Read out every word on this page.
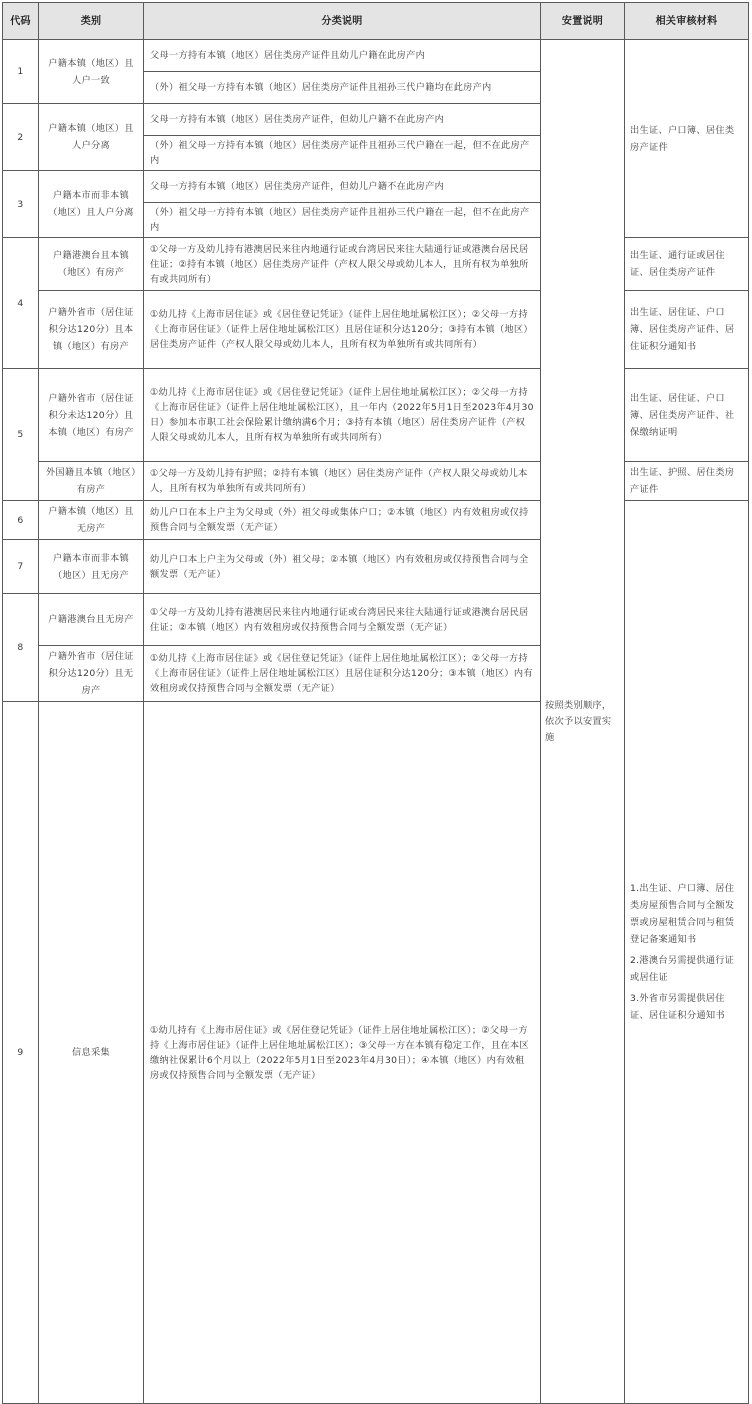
代码	类别	分类说明	安置说明	相关审核材料	
1	户籍本镇（地区）且人户一致	父母一方持有本镇（地区）居住类房产证件且幼儿户籍在此房产内	按照类别顺序，依次予以安置实施	出生证、户口簿、居住类房产证件	
		（外）祖父母一方持有本镇（地区）居住类房产证件且祖孙三代户籍均在此房产内			
2	户籍本镇（地区）且人户分离	父母一方持有本镇（地区）居住类房产证件，但幼儿户籍不在此房产内			
		（外）祖父母一方持有本镇（地区）居住类房产证件且祖孙三代户籍在一起，但不在此房产内			
3	户籍本市而非本镇（地区）且人户分离	父母一方持有本镇（地区）居住类房产证件，但幼儿户籍不在此房产内			
		（外）祖父母一方持有本镇（地区）居住类房产证件且祖孙三代户籍在一起，但不在此房产内			
4	户籍港澳台且本镇（地区）有房产	①父母一方及幼儿持有港澳居民来往内地通行证或台湾居民来往大陆通行证或港澳台居民居住证；②持有本镇（地区）居住类房产证件（产权人限父母或幼儿本人，且所有权为单独所有或共同所有）		出生证、通行证或居住证、居住类房产证件	
	户籍外省市（居住证积分达120分）且本镇（地区）有房产	①幼儿持《上海市居住证》或《居住登记凭证》（证件上居住地址属松江区）；②父母一方持《上海市居住证》（证件上居住地址属松江区）且居住证积分达120分；③持有本镇（地区）居住类房产证件（产权人限父母或幼儿本人，且所有权为单独所有或共同所有）		出生证、居住证、户口簿、居住类房产证件、居住证积分通知书	
5	户籍外省市（居住证积分未达120分）且本镇（地区）有房产	①幼儿持《上海市居住证》或《居住登记凭证》（证件上居住地址属松江区）；②父母一方持《上海市居住证》（证件上居住地址属松江区），且一年内（2022年5月1日至2023年4月30日）参加本市职工社会保险累计缴纳满6个月；③持有本镇（地区）居住类房产证件（产权人限父母或幼儿本人，且所有权为单独所有或共同所有）		出生证、居住证、户口簿、居住类房产证件、社保缴纳证明	
	外国籍且本镇（地区）有房产	①父母一方及幼儿持有护照；②持有本镇（地区）居住类房产证件（产权人限父母或幼儿本人，且所有权为单独所有或共同所有）		出生证、护照、居住类房产证件	
6	户籍本镇（地区）且无房产	幼儿户口在本上户主为父母或（外）祖父母或集体户口；②本镇（地区）内有效租房或仅持预售合同与全额发票（无产证）		1.出生证、户口簿、居住类房屋预售合同与全额发票或房屋租赁合同与租赁登记备案通知书
2.港澳台另需提供通行证或居住证
3.外省市另需提供居住证、居住证积分通知书	

7	户籍本市而非本镇（地区）且无房产	幼儿户口本上户主为父母或（外）祖父母；②本镇（地区）内有效租房或仅持预售合同与全额发票（无产证）			
8	户籍港澳台且无房产	①父母一方及幼儿持有港澳居民来往内地通行证或台湾居民来往大陆通行证或港澳台居民居住证；②本镇（地区）内有效租房或仅持预售合同与全额发票（无产证）			
	户籍外省市（居住证积分达120分）且无房产	①幼儿持《上海市居住证》或《居住登记凭证》（证件上居住地址属松江区）；②父母一方持《上海市居住证》（证件上居住地址属松江区）且居住证积分达120分；③本镇（地区）内有效租房或仅持预售合同与全额发票（无产证）			
9	信息采集	①幼儿持有《上海市居住证》或《居住登记凭证》（证件上居住地址属松江区）；②父母一方持《上海市居住证》（证件上居住地址属松江区）；③父母一方在本镇有稳定工作，且在本区缴纳社保累计6个月以上（2022年5月1日至2023年4月30日）；④本镇（地区）内有效租房或仅持预售合同与全额发票（无产证）		
